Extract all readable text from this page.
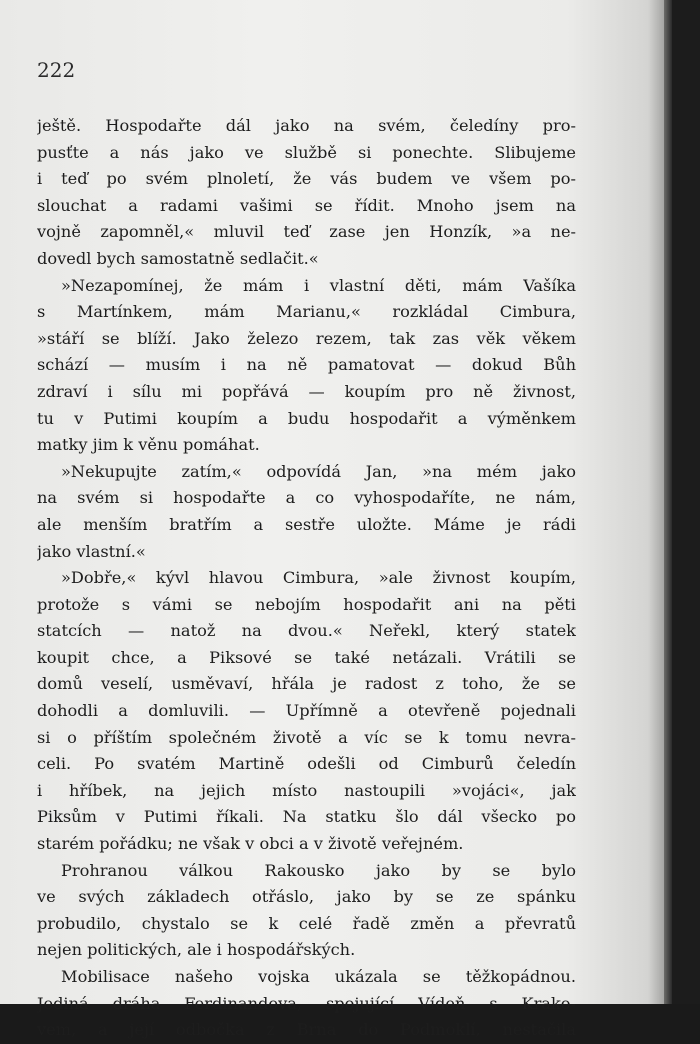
222

ještě. Hospodařte dál jako na svém, čeledíny pro-
pusťte a nás jako ve službě si ponechte. Slibujeme
i teď po svém plnoletí, že vás budem ve všem po-
slouchat a radami vašimi se řídit. Mnoho jsem na
vojně zapomněl,« mluvil teď zase jen Honzík, »a ne-
dovedl bych samostatně sedlačit.«
»Nezapomínej, že mám i vlastní děti, mám Vašíka
s Martínkem, mám Marianu,« rozkládal Cimbura,
»stáří se blíží. Jako železo rezem, tak zas věk věkem
schází — musím i na ně pamatovat — dokud Bůh
zdraví i sílu mi popřává — koupím pro ně živnost,
tu v Putimi koupím a budu hospodařit a výměnkem
matky jim k věnu pomáhat.
»Nekupujte zatím,« odpovídá Jan, »na mém jako
na svém si hospodařte a co vyhospodaříte, ne nám,
ale menším bratřím a sestře uložte. Máme je rádi
jako vlastní.«
»Dobře,« kývl hlavou Cimbura, »ale živnost koupím,
protože s vámi se nebojím hospodařit ani na pěti
statcích — natož na dvou.« Neřekl, který statek
koupit chce, a Piksové se také netázali. Vrátili se
domů veselí, usměvaví, hřála je radost z toho, že se
dohodli a domluvili. — Upřímně a otevřeně pojednali
si o příštím společném životě a víc se k tomu nevra-
celi. Po svatém Martině odešli od Cimburů čeledín
i hříbek, na jejich místo nastoupili »vojáci«, jak
Piksům v Putimi říkali. Na statku šlo dál všecko po
starém pořádku; ne však v obci a v životě veřejném.
Prohranou válkou Rakousko jako by se bylo
ve svých základech otřáslo, jako by se ze spánku
probudilo, chystalo se k celé řadě změn a převratů
nejen politických, ale i hospodářských.
Mobilisace našeho vojska ukázala se těžkopádnou.
Jediná dráha Ferdinandova, spojující Vídeň s Krako-
vem, a její odbočka z Brna do Podmoklí, nestačila
